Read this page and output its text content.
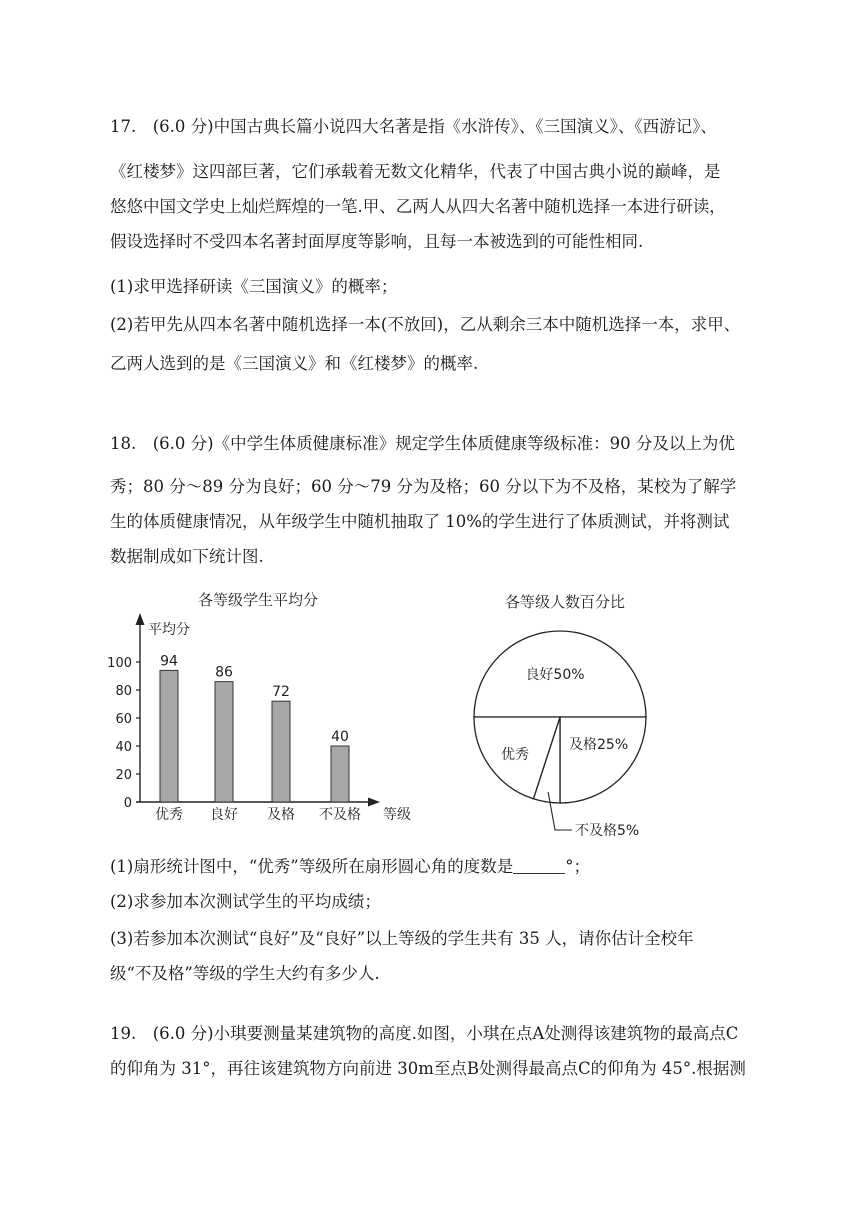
17.　(6.0 分)中国古典长篇小说四大名著是指《水浒传》、《三国演义》、《西游记》、
《红楼梦》这四部巨著，它们承载着无数文化精华，代表了中国古典小说的巅峰，是
悠悠中国文学史上灿烂辉煌的一笔.甲、乙两人从四大名著中随机选择一本进行研读，
假设选择时不受四本名著封面厚度等影响，且每一本被选到的可能性相同.
(1)求甲选择研读《三国演义》的概率；
(2)若甲先从四本名著中随机选择一本(不放回)，乙从剩余三本中随机选择一本，求甲、
乙两人选到的是《三国演义》和《红楼梦》的概率.
18.　(6.0 分)《中学生体质健康标准》规定学生体质健康等级标准：90 分及以上为优
秀；80 分～89 分为良好；60 分～79 分为及格；60 分以下为不及格，某校为了解学
生的体质健康情况，从年级学生中随机抽取了 10%的学生进行了体质测试，并将测试
数据制成如下统计图.
各等级学生平均分
平均分
等级
0
20
40
60
80
100 94
86
72
40
优秀 良好 及格 不及格
各等级人数百分比
良好50%
及格25%
优秀
不及格5%
(1)扇形统计图中，“优秀”等级所在扇形圆心角的度数是	°；
(2)求参加本次测试学生的平均成绩；
(3)若参加本次测试“良好”及“良好”以上等级的学生共有 35 人，请你估计全校年
级“不及格”等级的学生大约有多少人.
19.　(6.0 分)小琪要测量某建筑物的高度.如图，小琪在点A处测得该建筑物的最高点C
的仰角为 31°，再往该建筑物方向前进 30m至点B处测得最高点C的仰角为 45°.根据测
